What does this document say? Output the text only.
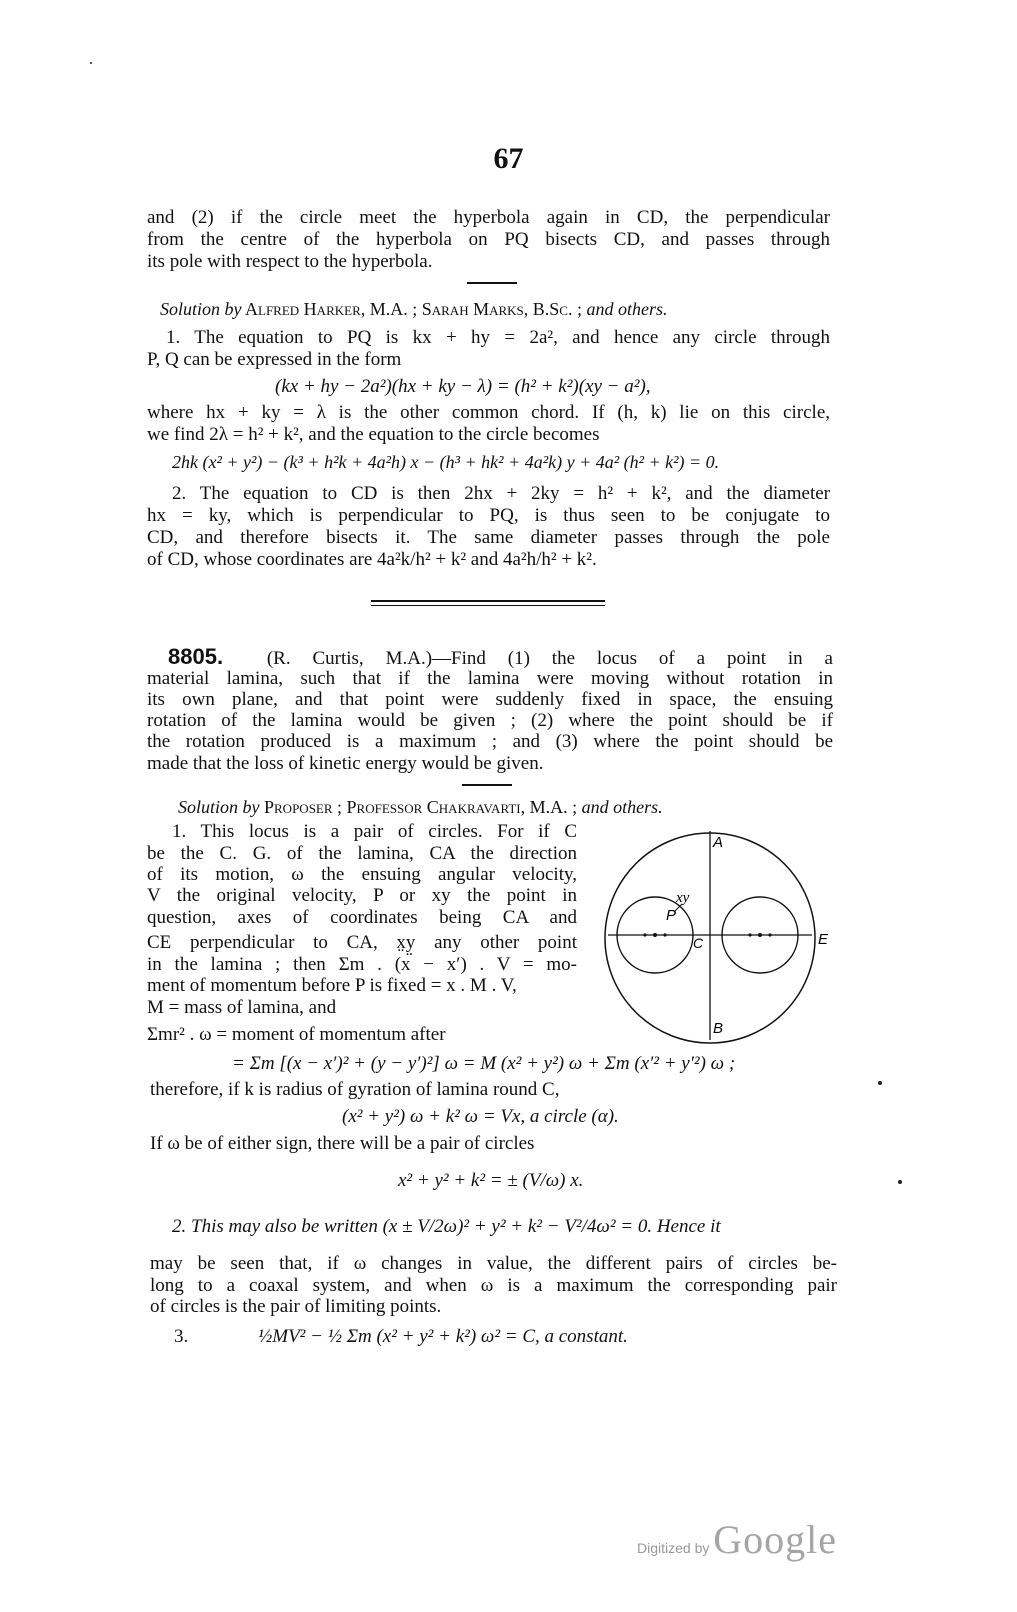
67
and (2) if the circle meet the hyperbola again in CD, the perpendicular
from the centre of the hyperbola on PQ bisects CD, and passes through
its pole with respect to the hyperbola.
Solution by Alfred Harker, M.A. ; Sarah Marks, B.Sc. ; and others.
1. The equation to PQ is kx + hy = 2a², and hence any circle through
P, Q can be expressed in the form
(kx + hy − 2a²)(hx + ky − λ) = (h² + k²)(xy − a²),
where hx + ky = λ is the other common chord. If (h, k) lie on this circle,
we find 2λ = h² + k², and the equation to the circle becomes
2hk (x² + y²) − (k³ + h²k + 4a²h) x − (h³ + hk² + 4a²k) y + 4a² (h² + k²) = 0.
2. The equation to CD is then 2hx + 2ky = h² + k², and the diameter
hx = ky, which is perpendicular to PQ, is thus seen to be conjugate to
CD, and therefore bisects it. The same diameter passes through the pole
of CD, whose coordinates are 4a²k/h² + k² and 4a²h/h² + k².
8805. (R. Curtis, M.A.)—Find (1) the locus of a point in a
material lamina, such that if the lamina were moving without rotation in
its own plane, and that point were suddenly fixed in space, the ensuing
rotation of the lamina would be given ; (2) where the point should be if
the rotation produced is a maximum ; and (3) where the point should be
made that the loss of kinetic energy would be given.
Solution by Proposer ; Professor Chakravarti, M.A. ; and others.
1. This locus is a pair of circles. For if C
be the C. G. of the lamina, CA the direction
of its motion, ω the ensuing angular velocity,
V the original velocity, P or xy the point in
question, axes of coordinates being CA and
CE perpendicular to CA, x̤y̤ any other point
in the lamina ; then Σm . (x − x′) . V = mo-
ment of momentum before P is fixed = x . M . V,
M = mass of lamina, and
Σmr² . ω = moment of momentum after
A
B
C	E
P
xy
= Σm [(x − x′)² + (y − y′)²] ω = M (x² + y²) ω + Σm (x′² + y′²) ω ;
therefore, if k is radius of gyration of lamina round C,
(x² + y²) ω + k² ω = Vx, a circle (α).
If ω be of either sign, there will be a pair of circles
x² + y² + k² = ± (V/ω) x.
2. This may also be written (x ± V/2ω)² + y² + k² − V²/4ω² = 0. Hence it
may be seen that, if ω changes in value, the different pairs of circles be-
long to a coaxal system, and when ω is a maximum the corresponding pair
of circles is the pair of limiting points.
3.	½MV² − ½ Σm (x² + y² + k²) ω² = C, a constant.
Digitized by Google
